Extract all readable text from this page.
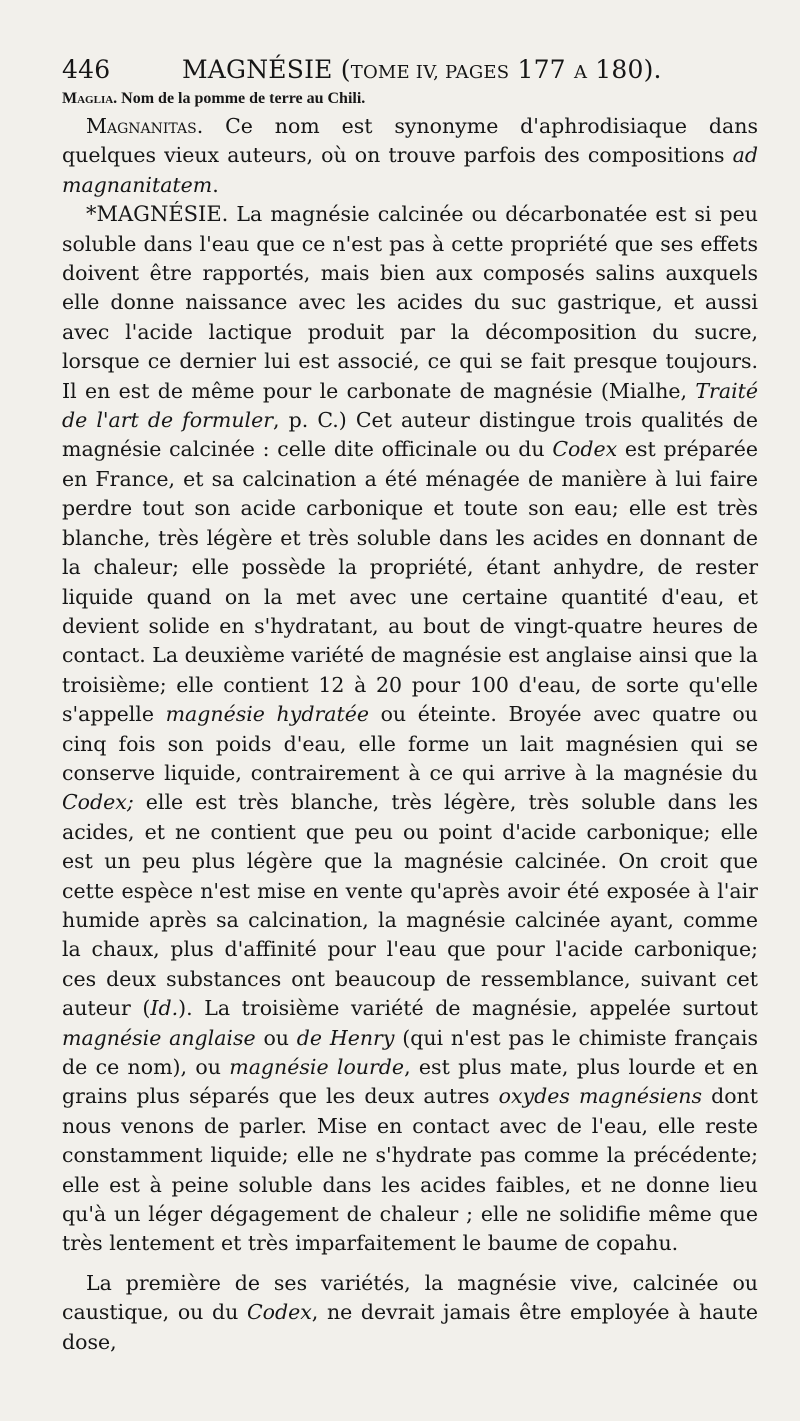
446	MAGNÉSIE (TOME IV, PAGES 177 A 180).

Maglia. Nom de la pomme de terre au Chili.

Magnanitas. Ce nom est synonyme d'aphrodisiaque dans quelques vieux auteurs, où on trouve parfois des compositions ad magnanitatem.

*MAGNÉSIE. La magnésie calcinée ou décarbonatée est si peu soluble dans l'eau que ce n'est pas à cette propriété que ses effets doivent être rapportés, mais bien aux composés salins auxquels elle donne naissance avec les acides du suc gastrique, et aussi avec l'acide lactique produit par la décomposition du sucre, lorsque ce dernier lui est associé, ce qui se fait presque toujours. Il en est de même pour le carbonate de magnésie (Mialhe, Traité de l'art de formuler, p. C.) Cet auteur distingue trois qualités de magnésie calcinée : celle dite officinale ou du Codex est préparée en France, et sa calcination a été ménagée de manière à lui faire perdre tout son acide carbonique et toute son eau; elle est très blanche, très légère et très soluble dans les acides en donnant de la chaleur; elle possède la propriété, étant anhydre, de rester liquide quand on la met avec une certaine quantité d'eau, et devient solide en s'hydratant, au bout de vingt-quatre heures de contact. La deuxième variété de magnésie est anglaise ainsi que la troisième; elle contient 12 à 20 pour 100 d'eau, de sorte qu'elle s'appelle magnésie hydratée ou éteinte. Broyée avec quatre ou cinq fois son poids d'eau, elle forme un lait magnésien qui se conserve liquide, contrairement à ce qui arrive à la magnésie du Codex; elle est très blanche, très légère, très soluble dans les acides, et ne contient que peu ou point d'acide carbonique; elle est un peu plus légère que la magnésie calcinée. On croit que cette espèce n'est mise en vente qu'après avoir été exposée à l'air humide après sa calcination, la magnésie calcinée ayant, comme la chaux, plus d'affinité pour l'eau que pour l'acide carbonique; ces deux substances ont beaucoup de ressemblance, suivant cet auteur (Id.). La troisième variété de magnésie, appelée surtout magnésie anglaise ou de Henry (qui n'est pas le chimiste français de ce nom), ou magnésie lourde, est plus mate, plus lourde et en grains plus séparés que les deux autres oxydes magnésiens dont nous venons de parler. Mise en contact avec de l'eau, elle reste constamment liquide; elle ne s'hydrate pas comme la précédente; elle est à peine soluble dans les acides faibles, et ne donne lieu qu'à un léger dégagement de chaleur ; elle ne solidifie même que très lentement et très imparfaitement le baume de copahu.

La première de ses variétés, la magnésie vive, calcinée ou caustique, ou du Codex, ne devrait jamais être employée à haute dose,
